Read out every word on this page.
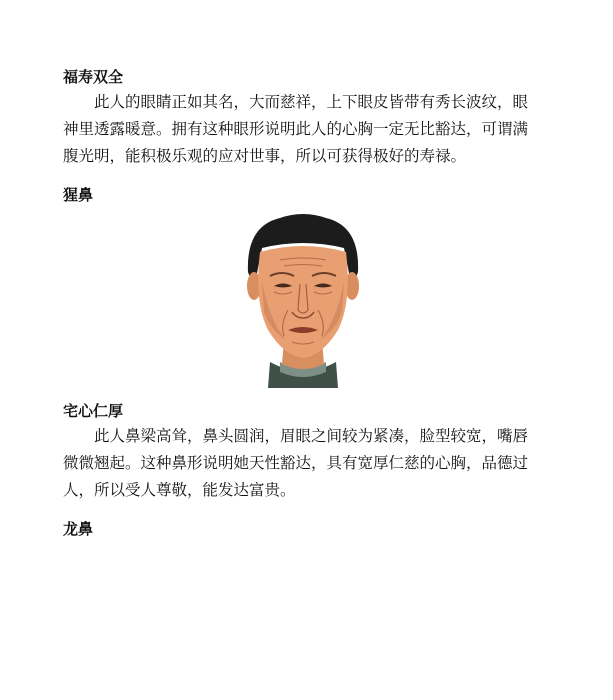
福寿双全
此人的眼睛正如其名，大而慈祥，上下眼皮皆带有秀长波纹，眼
神里透露暖意。拥有这种眼形说明此人的心胸一定无比豁达，可谓满
腹光明，能积极乐观的应对世事，所以可获得极好的寿禄。
猩鼻
宅心仁厚
此人鼻梁高耸，鼻头圆润，眉眼之间较为紧凑，脸型较宽，嘴唇
微微翘起。这种鼻形说明她天性豁达，具有宽厚仁慈的心胸，品德过
人，所以受人尊敬，能发达富贵。
龙鼻
